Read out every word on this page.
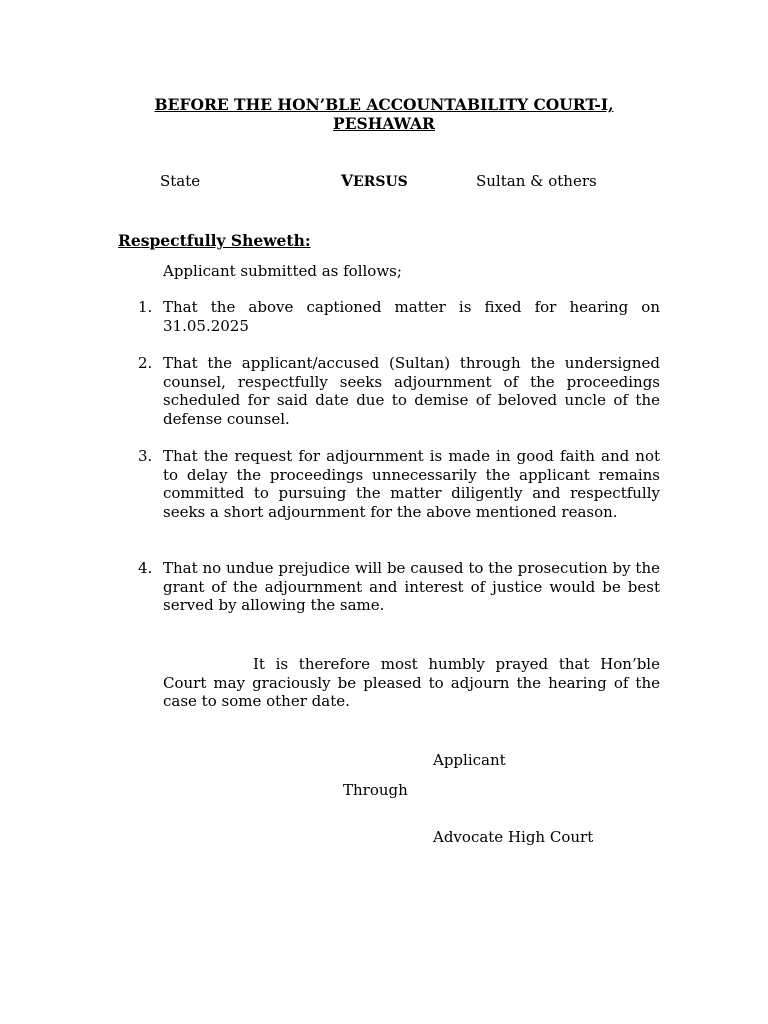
BEFORE THE HON’BLE ACCOUNTABILITY COURT-I,
PESHAWAR
State	VERSUS	Sultan & others
Respectfully Sheweth:
Applicant submitted as follows;
1. That the above captioned matter is fixed for hearing on 31.05.2025
2. That the applicant/accused (Sultan) through the undersigned counsel, respectfully seeks adjournment of the proceedings scheduled for said date due to demise of beloved uncle of the defense counsel.
3. That the request for adjournment is made in good faith and not to delay the proceedings unnecessarily the applicant remains committed to pursuing the matter diligently and respectfully seeks a short adjournment for the above mentioned reason.
4. That no undue prejudice will be caused to the prosecution by the grant of the adjournment and interest of justice would be best served by allowing the same.
It is therefore most humbly prayed that Hon’ble Court may graciously be pleased to adjourn the hearing of the case to some other date.
Applicant
Through
Advocate High Court
